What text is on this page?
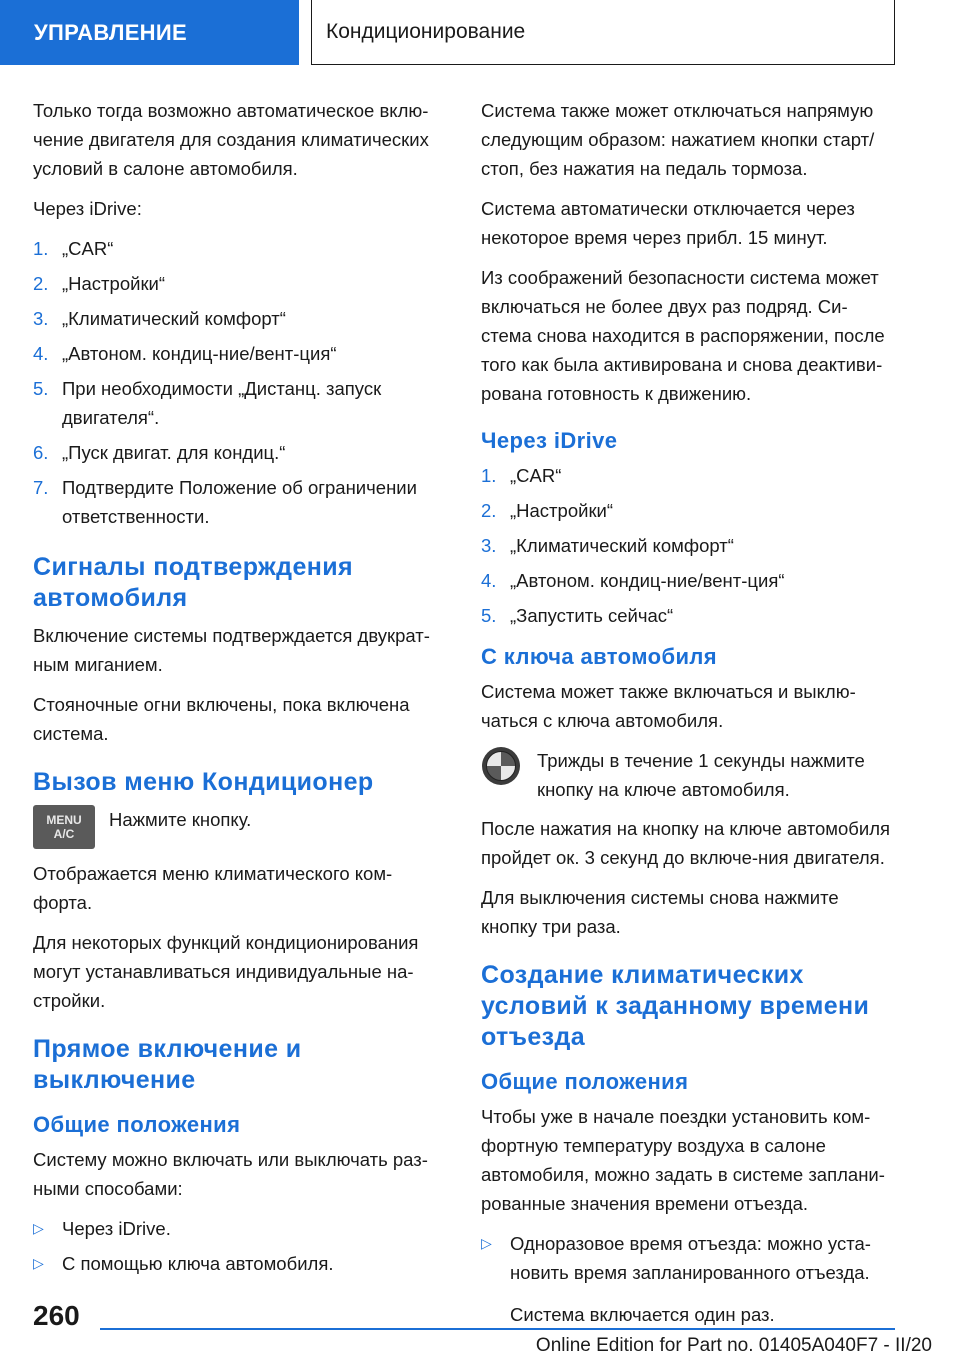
УПРАВЛЕНИЕ	Кондиционирование

Только тогда возможно автоматическое вклю-чение двигателя для создания климатических условий в салоне автомобиля.

Через iDrive:

1. „CAR“
2. „Настройки“
3. „Климатический комфорт“
4. „Автоном. кондиц-ние/вент-ция“
5. При необходимости „Дистанц. запуск двигателя“.
6. „Пуск двигат. для кондиц.“
7. Подтвердите Положение об ограничении ответственности.
Сигналы подтверждения автомобиля

Включение системы подтверждается двукрат-ным миганием.

Стояночные огни включены, пока включена система.

Вызов меню Кондиционер
MENU
A/C

Нажмите кнопку.

Отображается меню климатического ком-форта.

Для некоторых функций кондиционирования могут устанавливаться индивидуальные на-стройки.

Прямое включение и выключение
Общие положения

Систему можно включать или выключать раз-ными способами:

▷ Через iDrive.
▷ С помощью ключа автомобиля.

Система также может отключаться напрямую следующим образом: нажатием кнопки старт/стоп, без нажатия на педаль тормоза.

Система автоматически отключается через некоторое время через прибл. 15 минут.

Из соображений безопасности система может включаться не более двух раз подряд. Си-стема снова находится в распоряжении, после того как была активирована и снова деактиви-рована готовность к движению.

Через iDrive
1. „CAR“
2. „Настройки“
3. „Климатический комфорт“
4. „Автоном. кондиц-ние/вент-ция“
5. „Запустить сейчас“
С ключа автомобиля

Система может также включаться и выклю-чаться с ключа автомобиля.

Трижды в течение 1 секунды нажмите кнопку на ключе автомобиля.

После нажатия на кнопку на ключе автомобиля пройдет ок. 3 секунд до включе-ния двигателя.

Для выключения системы снова нажмите кнопку три раза.

Создание климатических условий к заданному времени отъезда
Общие положения

Чтобы уже в начале поездки установить ком-фортную температуру воздуха в салоне автомобиля, можно задать в системе заплани-рованные значения времени отъезда.

▷ Одноразовое время отъезда: можно уста-новить время запланированного отъезда.

Система включается один раз.

260
Online Edition for Part no. 01405A040F7 - II/20
